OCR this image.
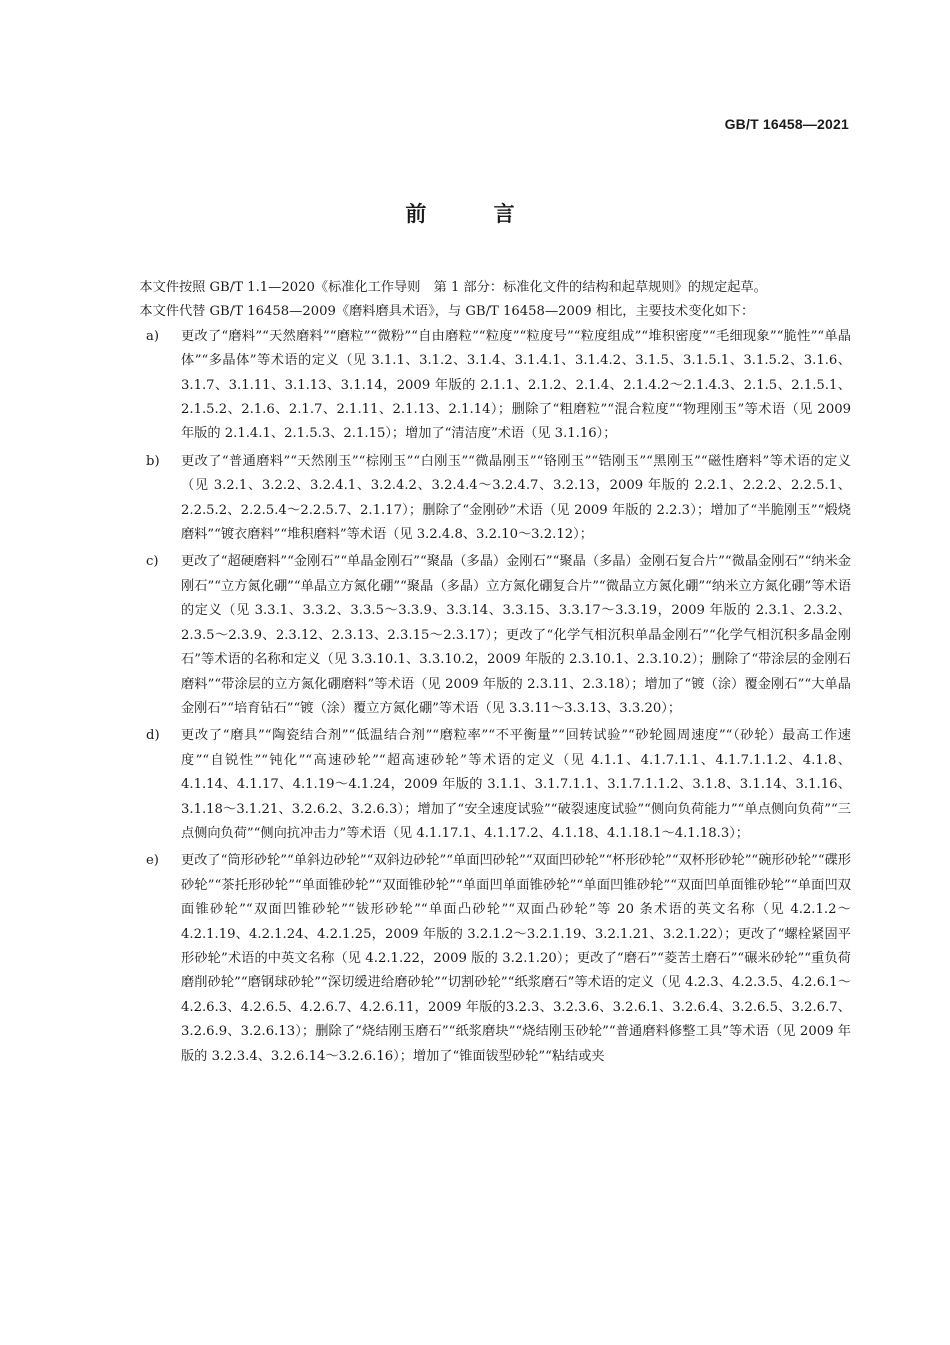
GB/T 16458—2021
前 言

本文件按照 GB/T 1.1—2020《标准化工作导则　第 1 部分：标准化文件的结构和起草规则》的规定起草。

本文件代替 GB/T 16458—2009《磨料磨具术语》，与 GB/T 16458—2009 相比，主要技术变化如下：

a) 更改了“磨料”“天然磨料”“磨粒”“微粉”“自由磨粒”“粒度”“粒度号”“粒度组成”“堆积密度”“毛细现象”“脆性”“单晶体”“多晶体”等术语的定义（见 3.1.1、3.1.2、3.1.4、3.1.4.1、3.1.4.2、3.1.5、3.1.5.1、3.1.5.2、3.1.6、3.1.7、3.1.11、3.1.13、3.1.14，2009 年版的 2.1.1、2.1.2、2.1.4、2.1.4.2～2.1.4.3、2.1.5、2.1.5.1、2.1.5.2、2.1.6、2.1.7、2.1.11、2.1.13、2.1.14）；删除了“粗磨粒”“混合粒度”“物理刚玉”等术语（见 2009 年版的 2.1.4.1、2.1.5.3、2.1.15）；增加了“清洁度”术语（见 3.1.16）；
b) 更改了“普通磨料”“天然刚玉”“棕刚玉”“白刚玉”“微晶刚玉”“铬刚玉”“锆刚玉”“黑刚玉”“磁性磨料”等术语的定义（见 3.2.1、3.2.2、3.2.4.1、3.2.4.2、3.2.4.4～3.2.4.7、3.2.13，2009 年版的 2.2.1、2.2.2、2.2.5.1、2.2.5.2、2.2.5.4～2.2.5.7、2.1.17）；删除了“金刚砂”术语（见 2009 年版的 2.2.3）；增加了“半脆刚玉”“煅烧磨料”“镀衣磨料”“堆积磨料”等术语（见 3.2.4.8、3.2.10～3.2.12）；
c) 更改了“超硬磨料”“金刚石”“单晶金刚石”“聚晶（多晶）金刚石”“聚晶（多晶）金刚石复合片”“微晶金刚石”“纳米金刚石”“立方氮化硼”“单晶立方氮化硼”“聚晶（多晶）立方氮化硼复合片”“微晶立方氮化硼”“纳米立方氮化硼”等术语的定义（见 3.3.1、3.3.2、3.3.5～3.3.9、3.3.14、3.3.15、3.3.17～3.3.19，2009 年版的 2.3.1、2.3.2、2.3.5～2.3.9、2.3.12、2.3.13、2.3.15～2.3.17）；更改了“化学气相沉积单晶金刚石”“化学气相沉积多晶金刚石”等术语的名称和定义（见 3.3.10.1、3.3.10.2，2009 年版的 2.3.10.1、2.3.10.2）；删除了“带涂层的金刚石磨料”“带涂层的立方氮化硼磨料”等术语（见 2009 年版的 2.3.11、2.3.18）；增加了“镀（涂）覆金刚石”“大单晶金刚石”“培育钻石”“镀（涂）覆立方氮化硼”等术语（见 3.3.11～3.3.13、3.3.20）；
d) 更改了“磨具”“陶瓷结合剂”“低温结合剂”“磨粒率”“不平衡量”“回转试验”“砂轮圆周速度”“（砂轮）最高工作速度”“自锐性”“钝化”“高速砂轮”“超高速砂轮”等术语的定义（见 4.1.1、4.1.7.1.1、4.1.7.1.1.2、4.1.8、4.1.14、4.1.17、4.1.19～4.1.24，2009 年版的 3.1.1、3.1.7.1.1、3.1.7.1.1.2、3.1.8、3.1.14、3.1.16、3.1.18～3.1.21、3.2.6.2、3.2.6.3）；增加了“安全速度试验”“破裂速度试验”“侧向负荷能力”“单点侧向负荷”“三点侧向负荷”“侧向抗冲击力”等术语（见 4.1.17.1、4.1.17.2、4.1.18、4.1.18.1～4.1.18.3）；
e) 更改了“筒形砂轮”“单斜边砂轮”“双斜边砂轮”“单面凹砂轮”“双面凹砂轮”“杯形砂轮”“双杯形砂轮”“碗形砂轮”“碟形砂轮”“茶托形砂轮”“单面锥砂轮”“双面锥砂轮”“单面凹单面锥砂轮”“单面凹锥砂轮”“双面凹单面锥砂轮”“单面凹双面锥砂轮”“双面凹锥砂轮”“钹形砂轮”“单面凸砂轮”“双面凸砂轮”等 20 条术语的英文名称（见 4.2.1.2～4.2.1.19、4.2.1.24、4.2.1.25，2009 年版的 3.2.1.2～3.2.1.19、3.2.1.21、3.2.1.22）；更改了“螺栓紧固平形砂轮”术语的中英文名称（见 4.2.1.22，2009 版的 3.2.1.20）；更改了“磨石”“菱苦土磨石”“碾米砂轮”“重负荷磨削砂轮”“磨钢球砂轮”“深切缓进给磨砂轮”“切割砂轮”“纸浆磨石”等术语的定义（见 4.2.3、4.2.3.5、4.2.6.1～4.2.6.3、4.2.6.5、4.2.6.7、4.2.6.11，2009 年版的3.2.3、3.2.3.6、3.2.6.1、3.2.6.4、3.2.6.5、3.2.6.7、3.2.6.9、3.2.6.13）；删除了“烧结刚玉磨石”“纸浆磨块”“烧结刚玉砂轮”“普通磨料修整工具”等术语（见 2009 年版的 3.2.3.4、3.2.6.14～3.2.6.16）；增加了“锥面钹型砂轮”“粘结或夹
